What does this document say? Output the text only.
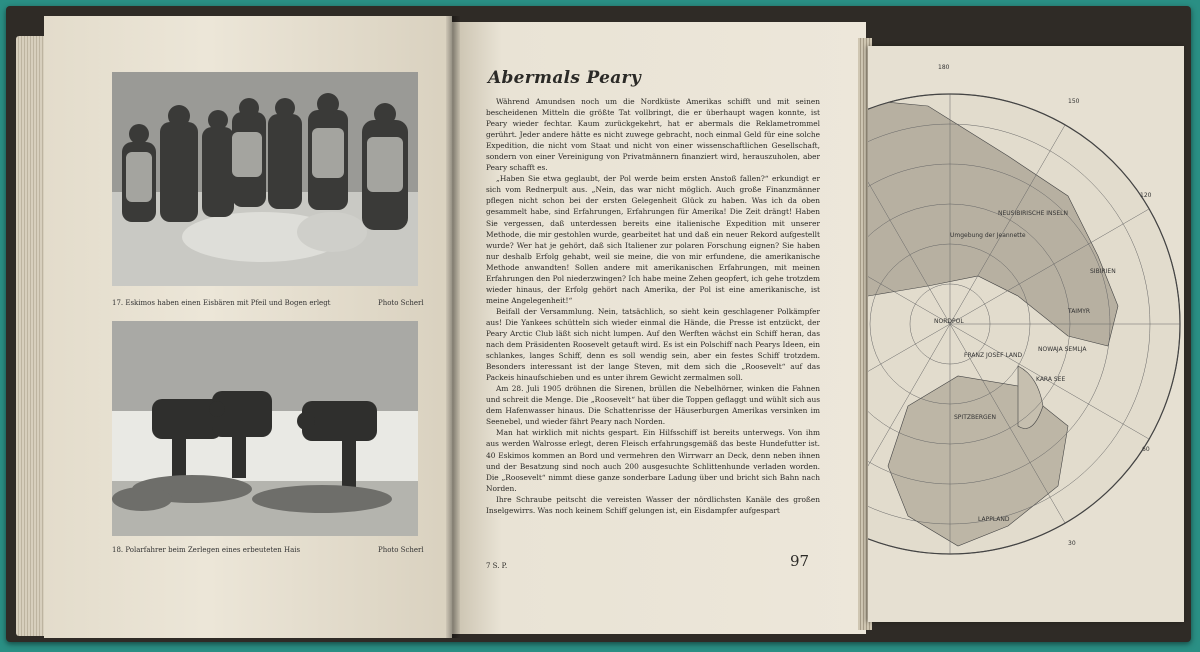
17. Eskimos haben einen Eisbären mit Pfeil und Bogen erlegt	Photo Scherl
18. Polarfahrer beim Zerlegen eines erbeuteten Hais	Photo Scherl
Abermals Peary

Während Amundsen noch um die Nordküste Amerikas schifft und mit seinen bescheidenen Mitteln die größte Tat vollbringt, die er überhaupt wagen konnte, ist Peary wieder fechtar. Kaum zurückgekehrt, hat er abermals die Reklametrommel gerührt. Jeder andere hätte es nicht zuwege gebracht, noch einmal Geld für eine solche Expedition, die nicht vom Staat und nicht von einer wissenschaftlichen Gesellschaft, sondern von einer Vereinigung von Privatmännern finanziert wird, herauszuholen, aber Peary schafft es.

„Haben Sie etwa geglaubt, der Pol werde beim ersten Anstoß fallen?“ erkundigt er sich vom Rednerpult aus. „Nein, das war nicht möglich. Auch große Finanzmänner pflegen nicht schon bei der ersten Gelegenheit Glück zu haben. Was ich da oben gesammelt habe, sind Erfahrungen, Erfahrungen für Amerika! Die Zeit drängt! Haben Sie vergessen, daß unterdessen bereits eine italienische Expedition mit unserer Methode, die mir gestohlen wurde, gearbeitet hat und daß ein neuer Rekord aufgestellt wurde? Wer hat je gehört, daß sich Italiener zur polaren Forschung eignen? Sie haben nur deshalb Erfolg gehabt, weil sie meine, die von mir erfundene, die amerikanische Methode anwandten! Sollen andere mit amerikanischen Erfahrungen, mit meinen Erfahrungen den Pol niederzwingen? Ich habe meine Zehen geopfert, ich gehe trotzdem wieder hinaus, der Erfolg gehört nach Amerika, der Pol ist eine amerikanische, ist meine Angelegenheit!“

Beifall der Versammlung. Nein, tatsächlich, so sieht kein geschlagener Polkämpfer aus! Die Yankees schütteln sich wieder einmal die Hände, die Presse ist entzückt, der Peary Arctic Club läßt sich nicht lumpen. Auf den Werften wächst ein Schiff heran, das nach dem Präsidenten Roosevelt getauft wird. Es ist ein Polschiff nach Pearys Ideen, ein schlankes, langes Schiff, denn es soll wendig sein, aber ein festes Schiff trotzdem. Besonders interessant ist der lange Steven, mit dem sich die „Roosevelt“ auf das Packeis hinaufschieben und es unter ihrem Gewicht zermalmen soll.

Am 28. Juli 1905 dröhnen die Sirenen, brüllen die Nebelhörner, winken die Fahnen und schreit die Menge. Die „Roosevelt“ hat über die Toppen geflaggt und wühlt sich aus dem Hafenwasser hinaus. Die Schattenrisse der Häuserburgen Amerikas versinken im Seenebel, und wieder fährt Peary nach Norden.

Man hat wirklich mit nichts gespart. Ein Hilfsschiff ist bereits unterwegs. Von ihm aus werden Walrosse erlegt, deren Fleisch erfahrungsgemäß das beste Hundefutter ist. 40 Eskimos kommen an Bord und vermehren den Wirrwarr an Deck, denn neben ihnen und der Besatzung sind noch auch 200 ausgesuchte Schlittenhunde verladen worden. Die „Roosevelt“ nimmt diese ganze sonderbare Ladung über und bricht sich Bahn nach Norden.

Ihre Schraube peitscht die vereisten Wasser der nördlichsten Kanäle des großen Inselgewirrs. Was noch keinem Schiff gelungen ist, ein Eisdampfer aufgespart

7 S. P.	97
180
150
120
60
30
NORDPOL
SIBIRIEN
KARA SEE
FRANZ JOSEF LAND
LAPPLAND
SPITZBERGEN
NEUSIBIRISCHE INSELN
TAIMYR
NOWAJA SEMLJA
Umgebung der Jeannette
